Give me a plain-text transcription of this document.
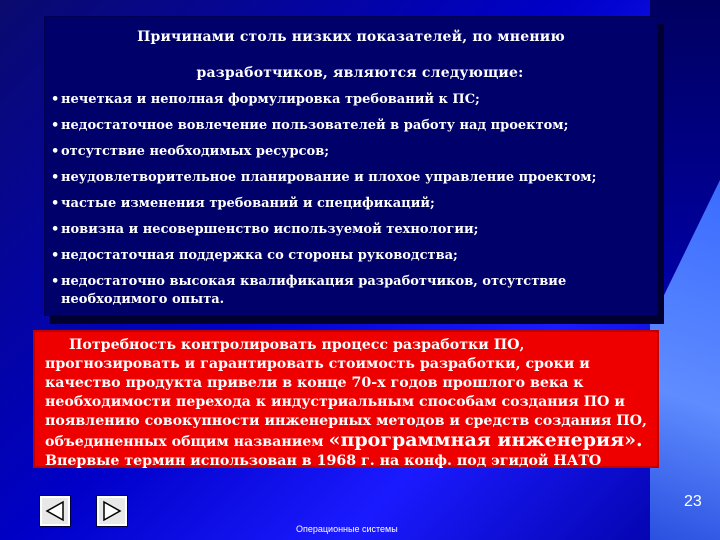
Причинами столь низких показателей, по мнению
разработчиков, являются следующие:
• нечеткая и неполная формулировка требований к ПС;
• недостаточное вовлечение пользователей в работу над проектом;
• отсутствие необходимых ресурсов;
• неудовлетворительное планирование и плохое управление проектом;
• частые изменения требований и спецификаций;
• новизна и несовершенство используемой технологии;
• недостаточная поддержка со стороны руководства;
• недостаточно высокая квалификация разработчиков, отсутствие необходимого опыта.
Потребность контролировать процесс разработки ПО, прогнозировать и гарантировать стоимость разработки, сроки и качество продукта привели в конце 70-х годов прошлого века к необходимости перехода к индустриальным способам создания ПО и появлению совокупности инженерных методов и средств создания ПО, объединенных общим названием «программная инженерия». Впервые термин использован в 1968 г. на конф. под эгидой НАТО
23
Операционные системы
